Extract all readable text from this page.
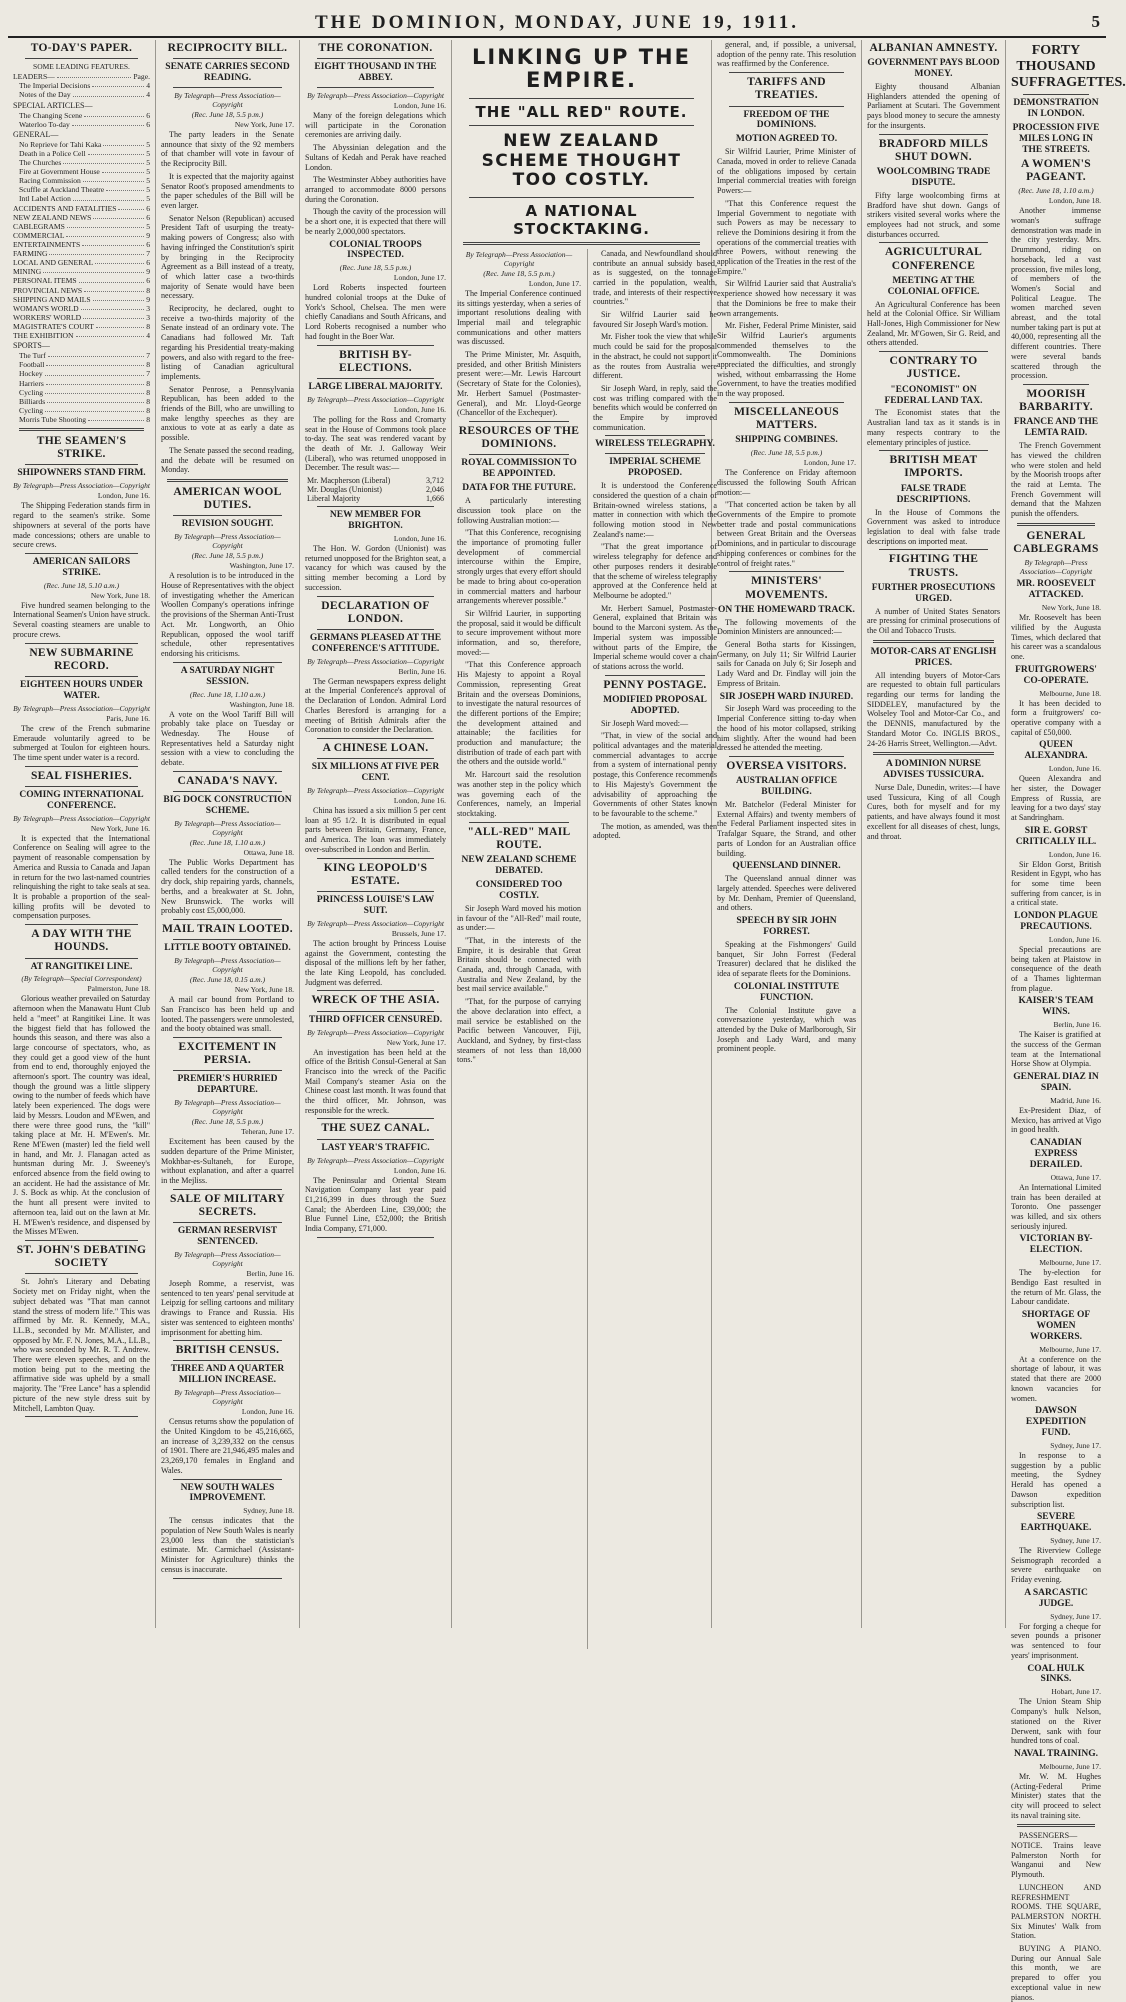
THE DOMINION, MONDAY, JUNE 19, 1911.	5
TO-DAY'S PAPER.
SOME LEADING FEATURES.
LEADERS—	Page.
The Imperial Decisions	4
Notes of the Day	4
SPECIAL ARTICLES—
The Changing Scene	6
Waterloo To-day	6
GENERAL—
No Reprieve for Tahi Kaka	5
Death in a Police Cell	5
The Churches	5
Fire at Government House	5
Racing Commission	5
Scuffle at Auckland Theatre	5
Intl Label Action	5
ACCIDENTS AND FATALITIES	6
NEW ZEALAND NEWS	6
CABLEGRAMS	5
COMMERCIAL	9
ENTERTAINMENTS	6
FARMING	7
LOCAL AND GENERAL	6
MINING	9
PERSONAL ITEMS	6
PROVINCIAL NEWS	8
SHIPPING AND MAILS	9
WOMAN'S WORLD	3
WORKERS' WORLD	3
MAGISTRATE'S COURT	8
THE EXHIBITION	4
SPORTS—
The Turf	7
Football	8
Hockey	7
Harriers	8
Cycling	8
Billiards	8
Cycling	8
Morris Tube Shooting	8
THE SEAMEN'S STRIKE.
SHIPOWNERS STAND FIRM.
By Telegraph—Press Association—Copyright
London, June 16.

The Shipping Federation stands firm in regard to the seamen's strike. Some shipowners at several of the ports have made concessions; others are unable to secure crews.

AMERICAN SAILORS STRIKE.
(Rec. June 18, 5.10 a.m.)
New York, June 18.

Five hundred seamen belonging to the International Seamen's Union have struck. Several coasting steamers are unable to procure crews.

NEW SUBMARINE RECORD.
EIGHTEEN HOURS UNDER WATER.
By Telegraph—Press Association—Copyright
Paris, June 16.

The crew of the French submarine Emeraude voluntarily agreed to be submerged at Toulon for eighteen hours. The time spent under water is a record.

SEAL FISHERIES.
COMING INTERNATIONAL CONFERENCE.
By Telegraph—Press Association—Copyright
New York, June 16.

It is expected that the International Conference on Sealing will agree to the payment of reasonable compensation by America and Russia to Canada and Japan in return for the two last-named countries relinquishing the right to take seals at sea. It is probable a proportion of the seal-killing profits will be devoted to compensation purposes.

A DAY WITH THE HOUNDS.
AT RANGITIKEI LINE.
(By Telegraph—Special Correspondent)
Palmerston, June 18.

Glorious weather prevailed on Saturday afternoon when the Manawatu Hunt Club held a "meet" at Rangitikei Line. It was the biggest field that has followed the hounds this season, and there was also a large concourse of spectators, who, as they could get a good view of the hunt from end to end, thoroughly enjoyed the afternoon's sport. The country was ideal, though the ground was a little slippery owing to the number of feeds which have lately been experienced. The dogs were laid by Messrs. Loudon and M'Ewen, and there were three good runs, the "kill" taking place at Mr. H. M'Ewen's. Mr. Rene M'Ewen (master) led the field well in hand, and Mr. J. Flanagan acted as huntsman during Mr. J. Sweeney's enforced absence from the field owing to an accident. He had the assistance of Mr. J. S. Bock as whip. At the conclusion of the hunt all present were invited to afternoon tea, laid out on the lawn at Mr. H. M'Ewen's residence, and dispensed by the Misses M'Ewen.

ST. JOHN'S DEBATING SOCIETY

St. John's Literary and Debating Society met on Friday night, when the subject debated was "That man cannot stand the stress of modern life." This was affirmed by Mr. R. Kennedy, M.A., LL.B., seconded by Mr. M'Allister, and opposed by Mr. F. N. Jones, M.A., LL.B., who was seconded by Mr. R. T. Andrew. There were eleven speeches, and on the motion being put to the meeting the affirmative side was upheld by a small majority. The "Free Lance" has a splendid picture of the new style dress suit by Mitchell, Lambton Quay.

RECIPROCITY BILL.
SENATE CARRIES SECOND READING.
By Telegraph—Press Association—Copyright
(Rec. June 18, 5.5 p.m.)
New York, June 17.

The party leaders in the Senate announce that sixty of the 92 members of that chamber will vote in favour of the Reciprocity Bill.

It is expected that the majority against Senator Root's proposed amendments to the paper schedules of the Bill will be even larger.

Senator Nelson (Republican) accused President Taft of usurping the treaty-making powers of Congress; also with having infringed the Constitution's spirit by bringing in the Reciprocity Agreement as a Bill instead of a treaty, of which latter case a two-thirds majority of Senate would have been necessary.

Reciprocity, he declared, ought to receive a two-thirds majority of the Senate instead of an ordinary vote. The Canadians had followed Mr. Taft regarding his Presidential treaty-making powers, and also with regard to the free-listing of Canadian agricultural implements.

Senator Penrose, a Pennsylvania Republican, has been added to the friends of the Bill, who are unwilling to make lengthy speeches as they are anxious to vote at as early a date as possible.

The Senate passed the second reading, and the debate will be resumed on Monday.

AMERICAN WOOL DUTIES.
REVISION SOUGHT.
By Telegraph—Press Association—Copyright
(Rec. June 18, 5.5 p.m.)
Washington, June 17.

A resolution is to be introduced in the House of Representatives with the object of investigating whether the American Woollen Company's operations infringe the provisions of the Sherman Anti-Trust Act. Mr. Longworth, an Ohio Republican, opposed the wool tariff schedule, other representatives endorsing his criticisms.

A SATURDAY NIGHT SESSION.
(Rec. June 18, 1.10 a.m.)
Washington, June 18.

A vote on the Wool Tariff Bill will probably take place on Tuesday or Wednesday. The House of Representatives held a Saturday night session with a view to concluding the debate.

CANADA'S NAVY.
BIG DOCK CONSTRUCTION SCHEME.
By Telegraph—Press Association—Copyright
(Rec. June 18, 1.10 a.m.)
Ottawa, June 18.

The Public Works Department has called tenders for the construction of a dry dock, ship repairing yards, channels, berths, and a breakwater at St. John, New Brunswick. The works will probably cost £5,000,000.

MAIL TRAIN LOOTED.
LITTLE BOOTY OBTAINED.
By Telegraph—Press Association—Copyright
(Rec. June 18, 0.15 a.m.)
New York, June 18.

A mail car bound from Portland to San Francisco has been held up and looted. The passengers were unmolested, and the booty obtained was small.

EXCITEMENT IN PERSIA.
PREMIER'S HURRIED DEPARTURE.
By Telegraph—Press Association—Copyright
(Rec. June 18, 5.5 p.m.)
Teheran, June 17.

Excitement has been caused by the sudden departure of the Prime Minister, Mokhbar-es-Sultaneh, for Europe, without explanation, and after a quarrel in the Mejliss.

SALE OF MILITARY SECRETS.
GERMAN RESERVIST SENTENCED.
By Telegraph—Press Association—Copyright
Berlin, June 16.

Joseph Romme, a reservist, was sentenced to ten years' penal servitude at Leipzig for selling cartoons and military drawings to France and Russia. His sister was sentenced to eighteen months' imprisonment for abetting him.

BRITISH CENSUS.
THREE AND A QUARTER MILLION INCREASE.
By Telegraph—Press Association—Copyright
London, June 16.

Census returns show the population of the United Kingdom to be 45,216,665, an increase of 3,239,332 on the census of 1901. There are 21,946,495 males and 23,269,170 females in England and Wales.

NEW SOUTH WALES IMPROVEMENT.
Sydney, June 18.

The census indicates that the population of New South Wales is nearly 23,000 less than the statistician's estimate. Mr. Carmichael (Assistant-Minister for Agriculture) thinks the census is inaccurate.

THE CORONATION.
EIGHT THOUSAND IN THE ABBEY.
By Telegraph—Press Association—Copyright
London, June 16.

Many of the foreign delegations which will participate in the Coronation ceremonies are arriving daily.

The Abyssinian delegation and the Sultans of Kedah and Perak have reached London.

The Westminster Abbey authorities have arranged to accommodate 8000 persons during the Coronation.

Though the cavity of the procession will be a short one, it is expected that there will be nearly 2,000,000 spectators.

COLONIAL TROOPS INSPECTED.
(Rec. June 18, 5.5 p.m.)
London, June 17.

Lord Roberts inspected fourteen hundred colonial troops at the Duke of York's School, Chelsea. The men were chiefly Canadians and South Africans, and Lord Roberts recognised a number who had fought in the Boer War.

BRITISH BY-ELECTIONS.
LARGE LIBERAL MAJORITY.
By Telegraph—Press Association—Copyright
London, June 16.

The polling for the Ross and Cromarty seat in the House of Commons took place to-day. The seat was rendered vacant by the death of Mr. J. Galloway Weir (Liberal), who was returned unopposed in December. The result was:—

Mr. Macpherson (Liberal)	3,712
Mr. Douglas (Unionist)	2,046
Liberal Majority	1,666
NEW MEMBER FOR BRIGHTON.
London, June 16.

The Hon. W. Gordon (Unionist) was returned unopposed for the Brighton seat, a vacancy for which was caused by the sitting member becoming a Lord by succession.

DECLARATION OF LONDON.
GERMANS PLEASED AT THE CONFERENCE'S ATTITUDE.
By Telegraph—Press Association—Copyright
Berlin, June 16.

The German newspapers express delight at the Imperial Conference's approval of the Declaration of London. Admiral Lord Charles Beresford is arranging for a meeting of British Admirals after the Coronation to consider the Declaration.

A CHINESE LOAN.
SIX MILLIONS AT FIVE PER CENT.
By Telegraph—Press Association—Copyright
London, June 16.

China has issued a six million 5 per cent loan at 95 1/2. It is distributed in equal parts between Britain, Germany, France, and America. The loan was immediately over-subscribed in London and Berlin.

KING LEOPOLD'S ESTATE.
PRINCESS LOUISE'S LAW SUIT.
By Telegraph—Press Association—Copyright
Brussels, June 17.

The action brought by Princess Louise against the Government, contesting the disposal of the millions left by her father, the late King Leopold, has concluded. Judgment was deferred.

WRECK OF THE ASIA.
THIRD OFFICER CENSURED.
By Telegraph—Press Association—Copyright
New York, June 17.

An investigation has been held at the office of the British Consul-General at San Francisco into the wreck of the Pacific Mail Company's steamer Asia on the Chinese coast last month. It was found that the third officer, Mr. Johnson, was responsible for the wreck.

THE SUEZ CANAL.
LAST YEAR'S TRAFFIC.
By Telegraph—Press Association—Copyright
London, June 16.

The Peninsular and Oriental Steam Navigation Company last year paid £1,216,399 in dues through the Suez Canal; the Aberdeen Line, £39,000; the Blue Funnel Line, £52,000; the British India Company, £71,000.

LINKING UP THE EMPIRE.
THE "ALL RED" ROUTE.
NEW ZEALAND SCHEME THOUGHT TOO COSTLY.
A NATIONAL STOCKTAKING.
By Telegraph—Press Association—Copyright
(Rec. June 18, 5.5 p.m.)
London, June 17.

The Imperial Conference continued its sittings yesterday, when a series of important resolutions dealing with Imperial mail and telegraphic communications and other matters was discussed.

The Prime Minister, Mr. Asquith, presided, and other British Ministers present were:—Mr. Lewis Harcourt (Secretary of State for the Colonies), Mr. Herbert Samuel (Postmaster-General), and Mr. Lloyd-George (Chancellor of the Exchequer).

RESOURCES OF THE DOMINIONS.
ROYAL COMMISSION TO BE APPOINTED.
DATA FOR THE FUTURE.

A particularly interesting discussion took place on the following Australian motion:—

"That this Conference, recognising the importance of promoting fuller development of commercial intercourse within the Empire, strongly urges that every effort should be made to bring about co-operation in commercial matters and harbour arrangements wherever possible."

Sir Wilfrid Laurier, in supporting the proposal, said it would be difficult to secure improvement without more information, and so, therefore, moved:—

"That this Conference approach His Majesty to appoint a Royal Commission, representing Great Britain and the overseas Dominions, to investigate the natural resources of the different portions of the Empire; the development attained and attainable; the facilities for production and manufacture; the distribution of trade of each part with the others and the outside world."

Mr. Harcourt said the resolution was another step in the policy which was governing each of the Conferences, namely, an Imperial stocktaking.

"ALL-RED" MAIL ROUTE.
NEW ZEALAND SCHEME DEBATED.
CONSIDERED TOO COSTLY.

Sir Joseph Ward moved his motion in favour of the "All-Red" mail route, as under:—

"That, in the interests of the Empire, it is desirable that Great Britain should be connected with Canada, and, through Canada, with Australia and New Zealand, by the best mail service available."

"That, for the purpose of carrying the above declaration into effect, a mail service be established on the Pacific between Vancouver, Fiji, Auckland, and Sydney, by first-class steamers of not less than 18,000 tons."

Canada, and Newfoundland should contribute an annual subsidy based, as is suggested, on the tonnage carried in the population, wealth, trade, and interests of their respective countries."

Sir Wilfrid Laurier said he favoured Sir Joseph Ward's motion.

Mr. Fisher took the view that while much could be said for the proposal in the abstract, he could not support it as the routes from Australia were different.

Sir Joseph Ward, in reply, said the cost was trifling compared with the benefits which would be conferred on the Empire by improved communication.

WIRELESS TELEGRAPHY.
IMPERIAL SCHEME PROPOSED.

It is understood the Conference considered the question of a chain of Britain-owned wireless stations, a matter in connection with which the following motion stood in New Zealand's name:—

"That the great importance of wireless telegraphy for defence and other purposes renders it desirable that the scheme of wireless telegraphy approved at the Conference held at Melbourne be adopted."

Mr. Herbert Samuel, Postmaster-General, explained that Britain was bound to the Marconi system. As the Imperial system was impossible without parts of the Empire, the Imperial scheme would cover a chain of stations across the world.

PENNY POSTAGE.
MODIFIED PROPOSAL ADOPTED.

Sir Joseph Ward moved:—

"That, in view of the social and political advantages and the material commercial advantages to accrue from a system of international penny postage, this Conference recommends to His Majesty's Government the advisability of approaching the Governments of other States known to be favourable to the scheme."

The motion, as amended, was then adopted.

general, and, if possible, a universal, adoption of the penny rate. This resolution was reaffirmed by the Conference.

TARIFFS AND TREATIES.
FREEDOM OF THE DOMINIONS.
MOTION AGREED TO.

Sir Wilfrid Laurier, Prime Minister of Canada, moved in order to relieve Canada of the obligations imposed by certain Imperial commercial treaties with foreign Powers:—

"That this Conference request the Imperial Government to negotiate with such Powers as may be necessary to relieve the Dominions desiring it from the operations of the commercial treaties with three Powers, without renewing the application of the Treaties in the rest of the Empire."

Sir Wilfrid Laurier said that Australia's experience showed how necessary it was that the Dominions be free to make their own arrangements.

Mr. Fisher, Federal Prime Minister, said Sir Wilfrid Laurier's arguments commended themselves to the Commonwealth. The Dominions appreciated the difficulties, and strongly wished, without embarrassing the Home Government, to have the treaties modified in the way proposed.

MISCELLANEOUS MATTERS.
SHIPPING COMBINES.
(Rec. June 18, 5.5 p.m.)
London, June 17.

The Conference on Friday afternoon discussed the following South African motion:—

"That concerted action be taken by all Governments of the Empire to promote better trade and postal communications between Great Britain and the Overseas Dominions, and in particular to discourage shipping conferences or combines for the control of freight rates."

MINISTERS' MOVEMENTS.
ON THE HOMEWARD TRACK.

The following movements of the Dominion Ministers are announced:—

General Botha starts for Kissingen, Germany, on July 11; Sir Wilfrid Laurier sails for Canada on July 6; Sir Joseph and Lady Ward and Dr. Findlay will join the Empress of Britain.

SIR JOSEPH WARD INJURED.

Sir Joseph Ward was proceeding to the Imperial Conference sitting to-day when the hood of his motor collapsed, striking him slightly. After the wound had been dressed he attended the meeting.

OVERSEA VISITORS.
AUSTRALIAN OFFICE BUILDING.

Mr. Batchelor (Federal Minister for External Affairs) and twenty members of the Federal Parliament inspected sites in Trafalgar Square, the Strand, and other parts of London for an Australian office building.

QUEENSLAND DINNER.

The Queensland annual dinner was largely attended. Speeches were delivered by Mr. Denham, Premier of Queensland, and others.

SPEECH BY SIR JOHN FORREST.

Speaking at the Fishmongers' Guild banquet, Sir John Forrest (Federal Treasurer) declared that he disliked the idea of separate fleets for the Dominions.

COLONIAL INSTITUTE FUNCTION.

The Colonial Institute gave a conversazione yesterday, which was attended by the Duke of Marlborough, Sir Joseph and Lady Ward, and many prominent people.

ALBANIAN AMNESTY.
GOVERNMENT PAYS BLOOD MONEY.

Eighty thousand Albanian Highlanders attended the opening of Parliament at Scutari. The Government pays blood money to secure the amnesty for the insurgents.

BRADFORD MILLS SHUT DOWN.
WOOLCOMBING TRADE DISPUTE.

Fifty large woolcombing firms at Bradford have shut down. Gangs of strikers visited several works where the employees had not struck, and some disturbances occurred.

AGRICULTURAL CONFERENCE
MEETING AT THE COLONIAL OFFICE.

An Agricultural Conference has been held at the Colonial Office. Sir William Hall-Jones, High Commissioner for New Zealand, Mr. M'Gowen, Sir G. Reid, and others attended.

CONTRARY TO JUSTICE.
"ECONOMIST" ON FEDERAL LAND TAX.

The Economist states that the Australian land tax as it stands is in many respects contrary to the elementary principles of justice.

BRITISH MEAT IMPORTS.
FALSE TRADE DESCRIPTIONS.

In the House of Commons the Government was asked to introduce legislation to deal with false trade descriptions on imported meat.

FIGHTING THE TRUSTS.
FURTHER PROSECUTIONS URGED.

A number of United States Senators are pressing for criminal prosecutions of the Oil and Tobacco Trusts.

MOTOR-CARS AT ENGLISH PRICES.

All intending buyers of Motor-Cars are requested to obtain full particulars regarding our terms for landing the SIDDELEY, manufactured by the Wolseley Tool and Motor-Car Co., and the DENNIS, manufactured by the Standard Motor Co. INGLIS BROS., 24-26 Harris Street, Wellington.—Advt.

A DOMINION NURSE ADVISES TUSSICURA.

Nurse Dale, Dunedin, writes:—I have used Tussicura, King of all Cough Cures, both for myself and for my patients, and have always found it most excellent for all diseases of chest, lungs, and throat.

FORTY THOUSAND SUFFRAGETTES.
DEMONSTRATION IN LONDON.
PROCESSION FIVE MILES LONG IN THE STREETS.
A WOMEN'S PAGEANT.
(Rec. June 18, 1.10 a.m.)
London, June 18.

Another immense woman's suffrage demonstration was made in the city yesterday. Mrs. Drummond, riding on horseback, led a vast procession, five miles long, of members of the Women's Social and Political League. The women marched seven abreast, and the total number taking part is put at 40,000, representing all the different countries. There were several bands scattered through the procession.

MOORISH BARBARITY.
FRANCE AND THE LEMTA RAID.

The French Government has viewed the children who were stolen and held by the Moorish troops after the raid at Lemta. The French Government will demand that the Mahzen punish the offenders.

GENERAL CABLEGRAMS
By Telegraph—Press Association—Copyright
MR. ROOSEVELT ATTACKED.
New York, June 18.

Mr. Roosevelt has been vilified by the Augusta Times, which declared that his career was a scandalous one.

FRUITGROWERS' CO-OPERATE.
Melbourne, June 18.

It has been decided to form a fruitgrowers' co-operative company with a capital of £50,000.

QUEEN ALEXANDRA.
London, June 16.

Queen Alexandra and her sister, the Dowager Empress of Russia, are leaving for a two days' stay at Sandringham.

SIR E. GORST CRITICALLY ILL.
London, June 16.

Sir Eldon Gorst, British Resident in Egypt, who has for some time been suffering from cancer, is in a critical state.

LONDON PLAGUE PRECAUTIONS.
London, June 16.

Special precautions are being taken at Plaistow in consequence of the death of a Thames lighterman from plague.

KAISER'S TEAM WINS.
Berlin, June 16.

The Kaiser is gratified at the success of the German team at the International Horse Show at Olympia.

GENERAL DIAZ IN SPAIN.
Madrid, June 16.

Ex-President Diaz, of Mexico, has arrived at Vigo in good health.

CANADIAN EXPRESS DERAILED.
Ottawa, June 17.

An International Limited train has been derailed at Toronto. One passenger was killed, and six others seriously injured.

VICTORIAN BY-ELECTION.
Melbourne, June 17.

The by-election for Bendigo East resulted in the return of Mr. Glass, the Labour candidate.

SHORTAGE OF WOMEN WORKERS.
Melbourne, June 17.

At a conference on the shortage of labour, it was stated that there are 2000 known vacancies for women.

DAWSON EXPEDITION FUND.
Sydney, June 17.

In response to a suggestion by a public meeting, the Sydney Herald has opened a Dawson expedition subscription list.

SEVERE EARTHQUAKE.
Sydney, June 17.

The Riverview College Seismograph recorded a severe earthquake on Friday evening.

A SARCASTIC JUDGE.
Sydney, June 17.

For forging a cheque for seven pounds a prisoner was sentenced to four years' imprisonment.

COAL HULK SINKS.
Hobart, June 17.

The Union Steam Ship Company's hulk Nelson, stationed on the River Derwent, sank with four hundred tons of coal.

NAVAL TRAINING.
Melbourne, June 17.

Mr. W. M. Hughes (Acting-Federal Prime Minister) states that the city will proceed to select its naval training site.

PASSENGERS—NOTICE. Trains leave Palmerston North for Wanganui and New Plymouth.

LUNCHEON AND REFRESHMENT ROOMS. THE SQUARE, PALMERSTON NORTH. Six Minutes' Walk from Station.

BUYING A PIANO. During our Annual Sale this month, we are prepared to offer you exceptional value in new pianos.
